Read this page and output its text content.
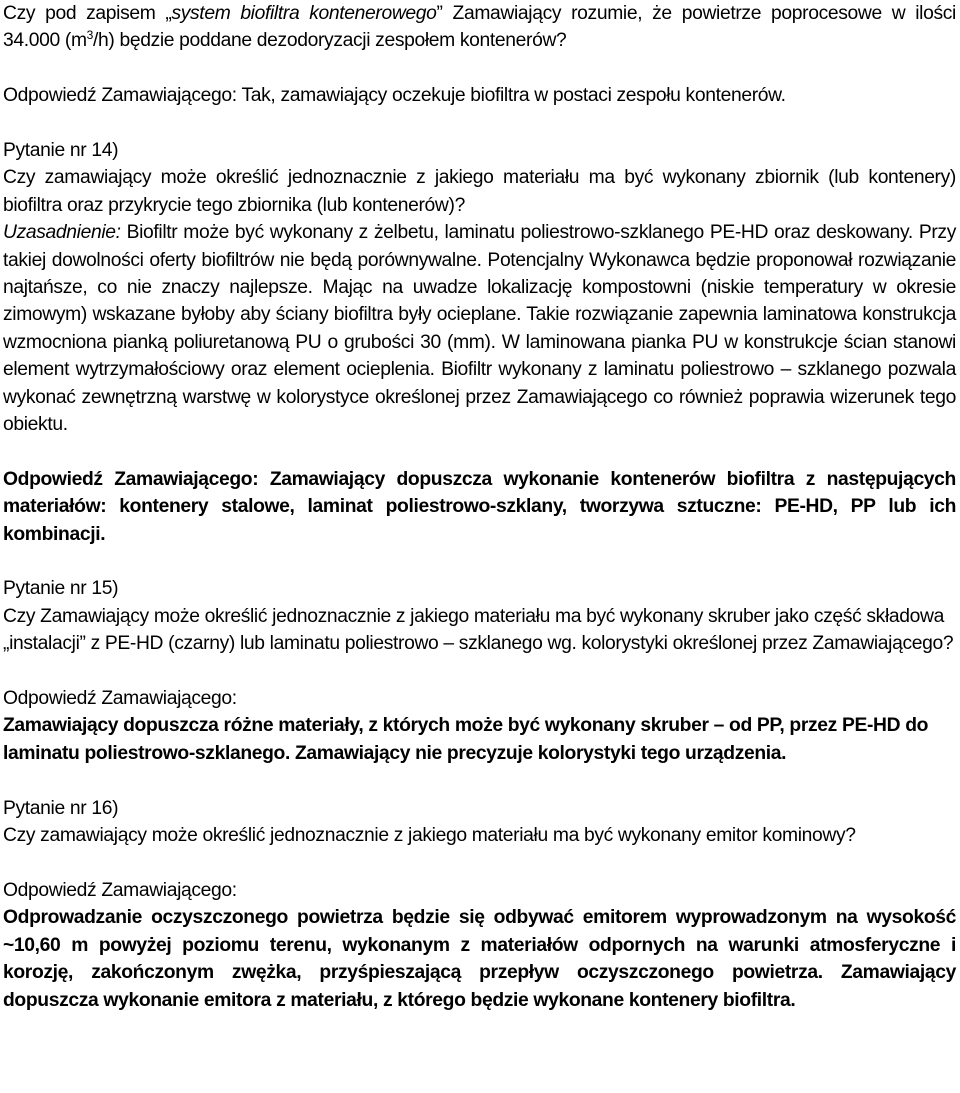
Czy pod zapisem „system biofiltra kontenerowego” Zamawiający rozumie, że powietrze poprocesowe w ilości 34.000 $(m^3/h)$ będzie poddane dezodoryzacji zespołem kontenerów?

Odpowiedź Zamawiającego: Tak, zamawiający oczekuje biofiltra w postaci zespołu kontenerów.

Pytanie nr 14)

Czy zamawiający może określić jednoznacznie z jakiego materiału ma być wykonany zbiornik (lub kontenery) biofiltra oraz przykrycie tego zbiornika (lub kontenerów)?

Uzasadnienie: Biofiltr może być wykonany z żelbetu, laminatu poliestrowo-szklanego PE-HD oraz deskowany. Przy takiej dowolności oferty biofiltrów nie będą porównywalne. Potencjalny Wykonawca będzie proponował rozwiązanie najtańsze, co nie znaczy najlepsze. Mając na uwadze lokalizację kompostowni (niskie temperatury w okresie zimowym) wskazane byłoby aby ściany biofiltra były ocieplane. Takie rozwiązanie zapewnia laminatowa konstrukcja wzmocniona pianką poliuretanową PU o grubości 30 (mm). W laminowana pianka PU w konstrukcje ścian stanowi element wytrzymałościowy oraz element ocieplenia. Biofiltr wykonany z laminatu poliestrowo – szklanego pozwala wykonać zewnętrzną warstwę w kolorystyce określonej przez Zamawiającego co również poprawia wizerunek tego obiektu.

Odpowiedź Zamawiającego: Zamawiający dopuszcza wykonanie kontenerów biofiltra z następujących materiałów: kontenery stalowe, laminat poliestrowo-szklany, tworzywa sztuczne: PE-HD, PP lub ich kombinacji.

Pytanie nr 15)

Czy Zamawiający może określić jednoznacznie z jakiego materiału ma być wykonany skruber jako część składowa „instalacji” z PE-HD (czarny) lub laminatu poliestrowo – szklanego wg. kolorystyki określonej przez Zamawiającego?

Odpowiedź Zamawiającego:

Zamawiający dopuszcza różne materiały, z których może być wykonany skruber – od PP, przez PE-HD do laminatu poliestrowo-szklanego. Zamawiający nie precyzuje kolorystyki tego urządzenia.

Pytanie nr 16)

Czy zamawiający może określić jednoznacznie z jakiego materiału ma być wykonany emitor kominowy?

Odpowiedź Zamawiającego:

Odprowadzanie oczyszczonego powietrza będzie się odbywać emitorem wyprowadzonym na wysokość ~10,60 m powyżej poziomu terenu, wykonanym z materiałów odpornych na warunki atmosferyczne i korozję, zakończonym zwężka, przyśpieszającą przepływ oczyszczonego powietrza. Zamawiający dopuszcza wykonanie emitora z materiału, z którego będzie wykonane kontenery biofiltra.
